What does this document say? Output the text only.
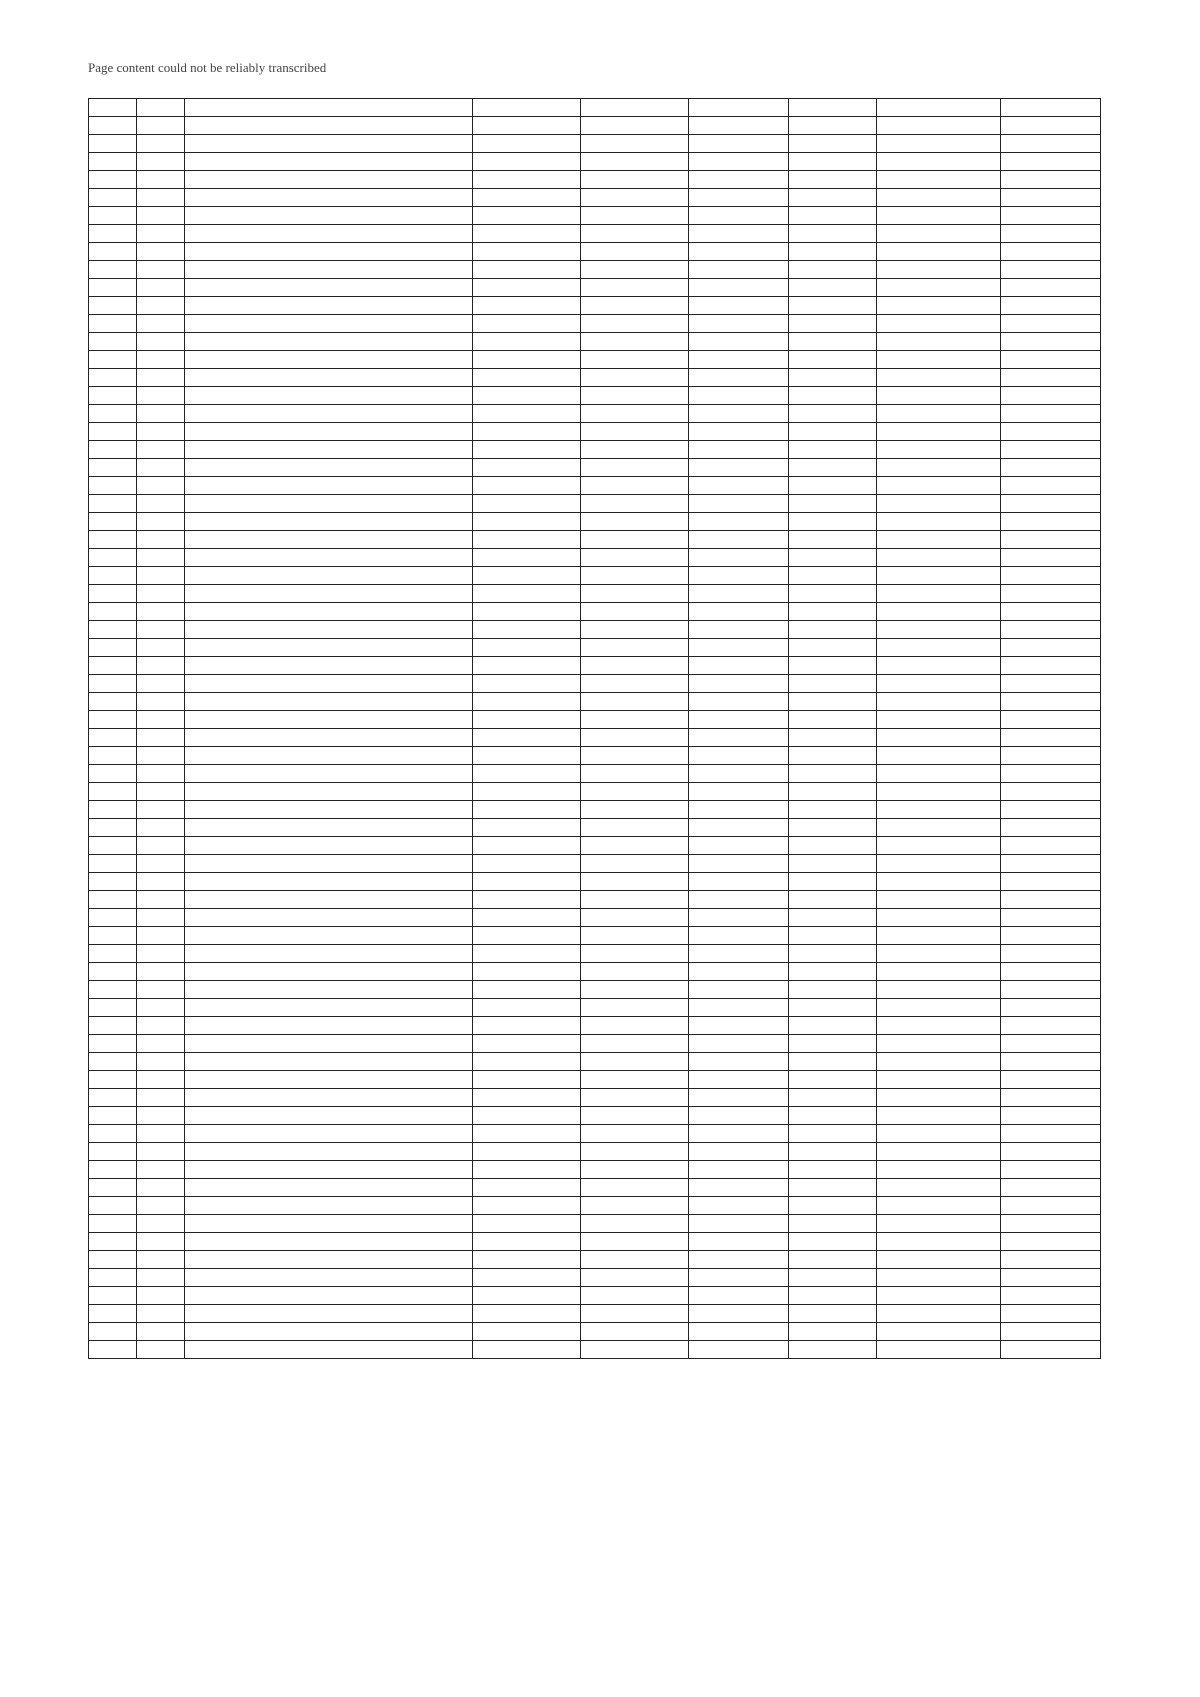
Page content could not be reliably transcribed
